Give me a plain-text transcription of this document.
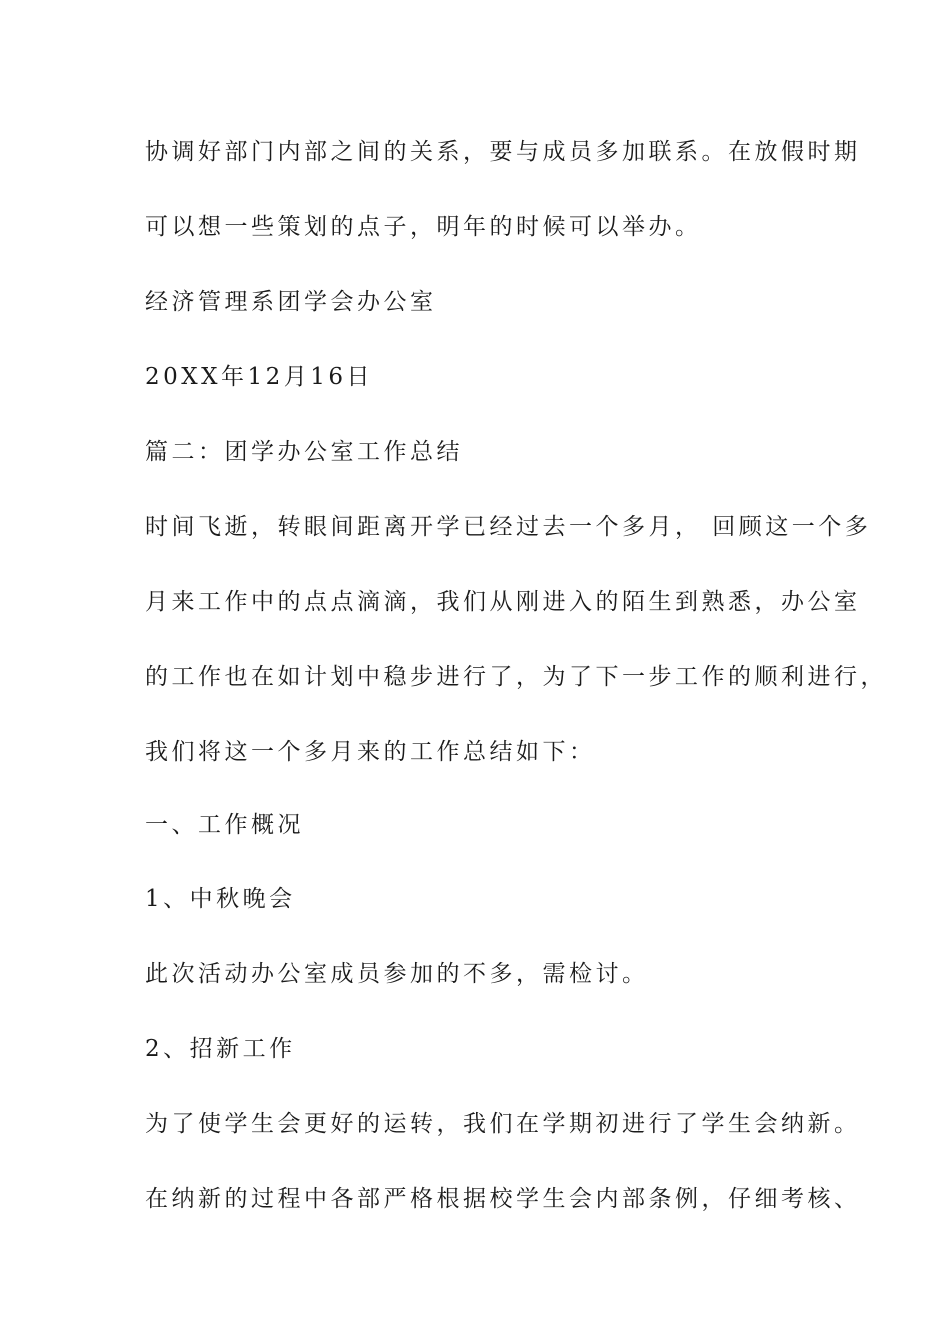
协调好部门内部之间的关系，要与成员多加联系。在放假时期
可以想一些策划的点子，明年的时候可以举办。
经济管理系团学会办公室
20XX年12月16日
篇二：团学办公室工作总结
时间飞逝，转眼间距离开学已经过去一个多月， 回顾这一个多
月来工作中的点点滴滴，我们从刚进入的陌生到熟悉，办公室
的工作也在如计划中稳步进行了，为了下一步工作的顺利进行，
我们将这一个多月来的工作总结如下：
一、工作概况
1、中秋晚会
此次活动办公室成员参加的不多，需检讨。
2、招新工作
为了使学生会更好的运转，我们在学期初进行了学生会纳新。
在纳新的过程中各部严格根据校学生会内部条例，仔细考核、
